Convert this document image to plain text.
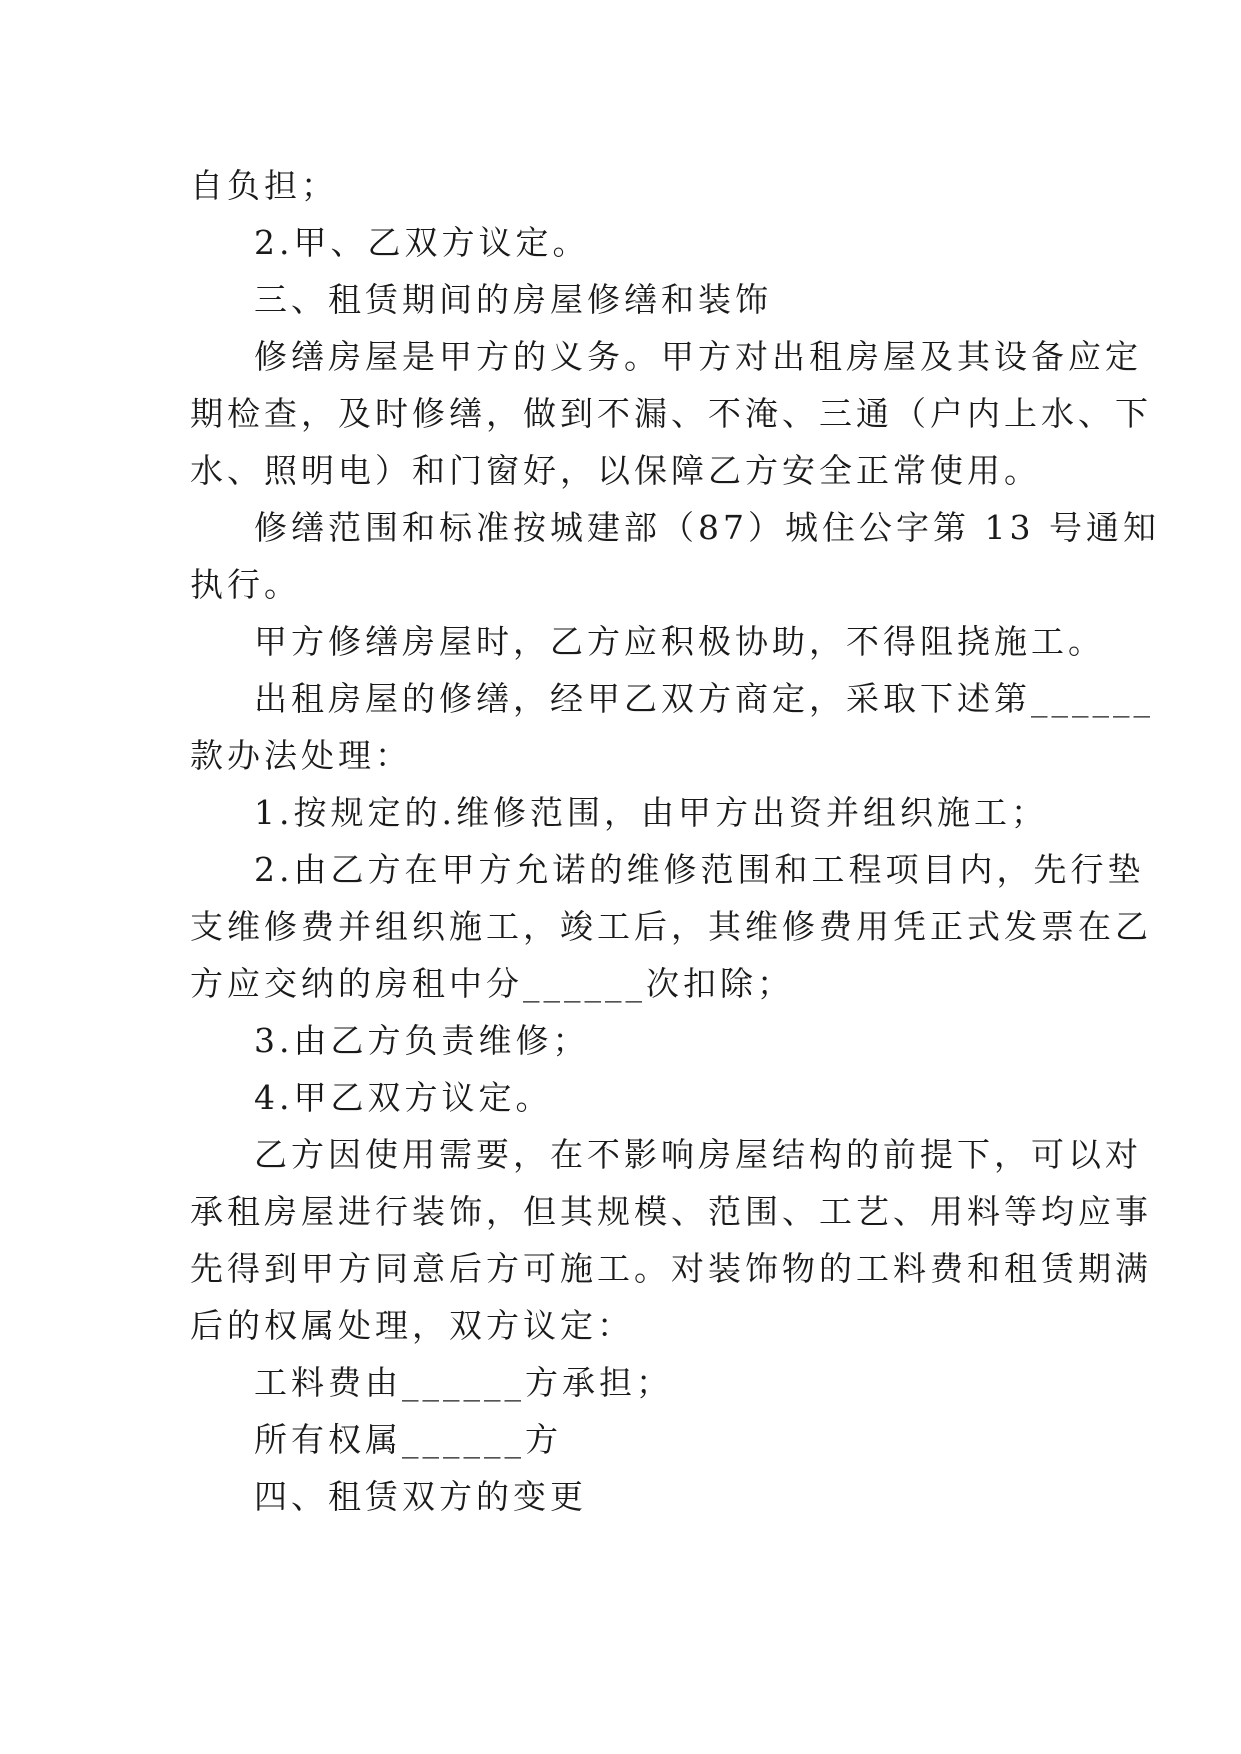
自负担；
2.甲、乙双方议定。
三、租赁期间的房屋修缮和装饰
修缮房屋是甲方的义务。甲方对出租房屋及其设备应定
期检查，及时修缮，做到不漏、不淹、三通（户内上水、下
水、照明电）和门窗好，以保障乙方安全正常使用。
修缮范围和标准按城建部（87）城住公字第 13 号通知
执行。
甲方修缮房屋时，乙方应积极协助，不得阻挠施工。
出租房屋的修缮，经甲乙双方商定，采取下述第______
款办法处理：
1.按规定的.维修范围，由甲方出资并组织施工；
2.由乙方在甲方允诺的维修范围和工程项目内，先行垫
支维修费并组织施工，竣工后，其维修费用凭正式发票在乙
方应交纳的房租中分______次扣除；
3.由乙方负责维修；
4.甲乙双方议定。
乙方因使用需要，在不影响房屋结构的前提下，可以对
承租房屋进行装饰，但其规模、范围、工艺、用料等均应事
先得到甲方同意后方可施工。对装饰物的工料费和租赁期满
后的权属处理，双方议定：
工料费由______方承担；
所有权属______方
四、租赁双方的变更
